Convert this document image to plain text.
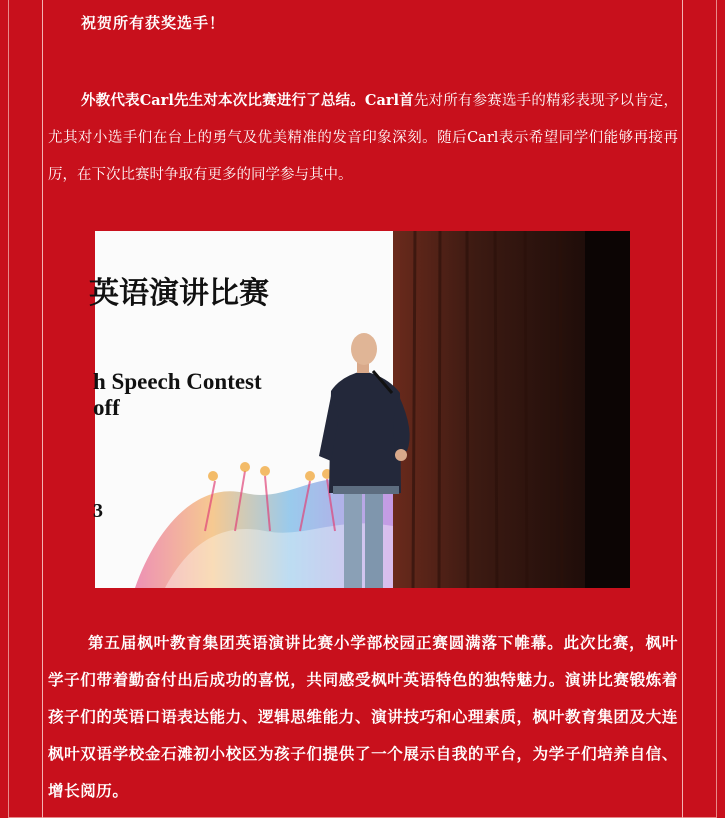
祝贺所有获奖选手！
外教代表Carl先生对本次比赛进行了总结。Carl首先对所有参赛选手的精彩表现予以肯定，尤其对小选手们在台上的勇气及优美精准的发音印象深刻。随后Carl表示希望同学们能够再接再厉，在下次比赛时争取有更多的同学参与其中。
英语演讲比赛
h Speech Contest
off
3
第五届枫叶教育集团英语演讲比赛小学部校园正赛圆满落下帷幕。此次比赛，枫叶学子们带着勤奋付出后成功的喜悦，共同感受枫叶英语特色的独特魅力。演讲比赛锻炼着孩子们的英语口语表达能力、逻辑思维能力、演讲技巧和心理素质，枫叶教育集团及大连枫叶双语学校金石滩初小校区为孩子们提供了一个展示自我的平台，为学子们培养自信、增长阅历。
